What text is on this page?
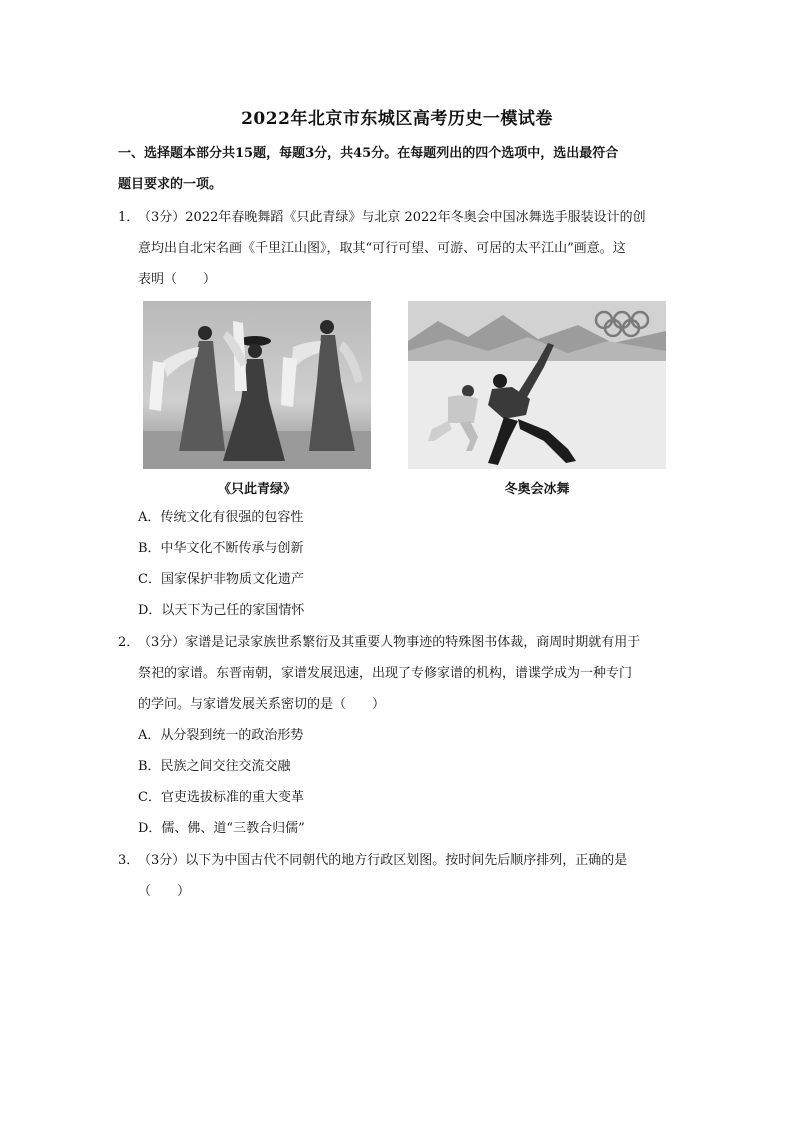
2022年北京市东城区高考历史一模试卷
一、选择题本部分共15题，每题3分，共45分。在每题列出的四个选项中，选出最符合
题目要求的一项。
1．
（3分）2022年春晚舞蹈《只此青绿》与北京 2022年冬奥会中国冰舞选手服装设计的创
意均出自北宋名画《千里江山图》，取其“可行可望、可游、可居的太平江山”画意。这
表明（　　）
《只此青绿》	冬奥会冰舞
A．传统文化有很强的包容性
B．中华文化不断传承与创新
C．国家保护非物质文化遗产
D．以天下为己任的家国情怀
2．
（3分）家谱是记录家族世系繁衍及其重要人物事迹的特殊图书体裁，商周时期就有用于
祭祀的家谱。东晋南朝，家谱发展迅速，出现了专修家谱的机构，谱谍学成为一种专门
的学问。与家谱发展关系密切的是（　　）
A．从分裂到统一的政治形势
B．民族之间交往交流交融
C．官吏选拔标准的重大变革
D．儒、佛、道“三教合归儒”
3．
（3分）以下为中国古代不同朝代的地方行政区划图。按时间先后顺序排列，正确的是
（　　）
